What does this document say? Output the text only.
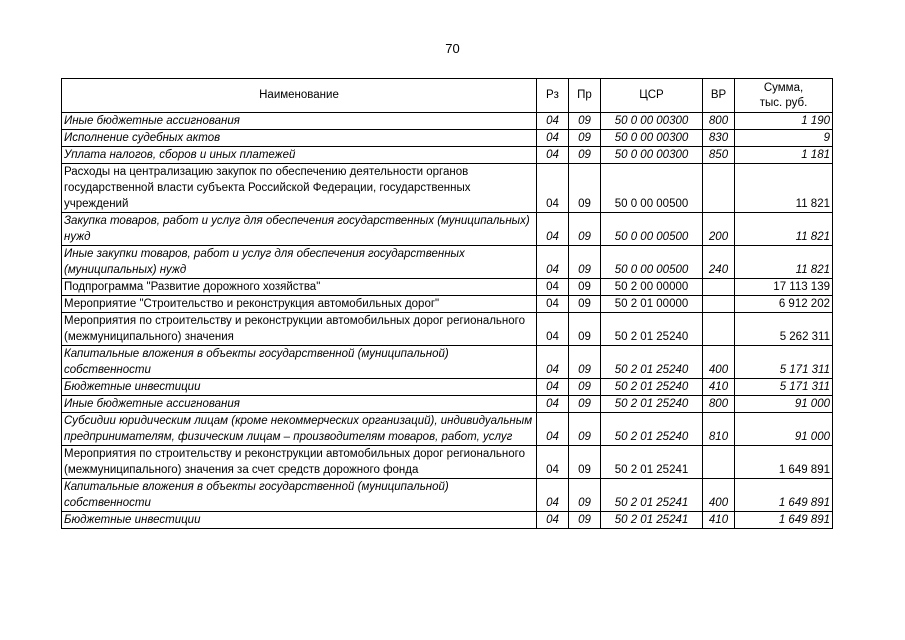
70
Наименование	Рз	Пр	ЦСР	ВР	Сумма,
тыс. руб.
Иные бюджетные ассигнования	04	09	50 0 00 00300	800	1 190
Исполнение судебных актов	04	09	50 0 00 00300	830	9
Уплата налогов, сборов и иных платежей	04	09	50 0 00 00300	850	1 181
Расходы на централизацию закупок по обеспечению деятельности органов государственной власти субъекта Российской Федерации, государственных учреждений	04	09	50 0 00 00500		11 821
Закупка товаров, работ и услуг для обеспечения государственных (муниципальных) нужд	04	09	50 0 00 00500	200	11 821
Иные закупки товаров, работ и услуг для обеспечения государственных (муниципальных) нужд	04	09	50 0 00 00500	240	11 821
Подпрограмма "Развитие дорожного хозяйства"	04	09	50 2 00 00000		17 113 139
Мероприятие "Строительство и реконструкция автомобильных дорог"	04	09	50 2 01 00000		6 912 202
Мероприятия по строительству и реконструкции автомобильных дорог регионального (межмуниципального) значения	04	09	50 2 01 25240		5 262 311
Капитальные вложения в объекты государственной (муниципальной) собственности	04	09	50 2 01 25240	400	5 171 311
Бюджетные инвестиции	04	09	50 2 01 25240	410	5 171 311
Иные бюджетные ассигнования	04	09	50 2 01 25240	800	91 000
Субсидии юридическим лицам (кроме некоммерческих организаций), индивидуальным предпринимателям, физическим лицам – производителям товаров, работ, услуг	04	09	50 2 01 25240	810	91 000
Мероприятия по строительству и реконструкции автомобильных дорог регионального (межмуниципального) значения за счет средств дорожного фонда	04	09	50 2 01 25241		1 649 891
Капитальные вложения в объекты государственной (муниципальной) собственности	04	09	50 2 01 25241	400	1 649 891
Бюджетные инвестиции	04	09	50 2 01 25241	410	1 649 891
